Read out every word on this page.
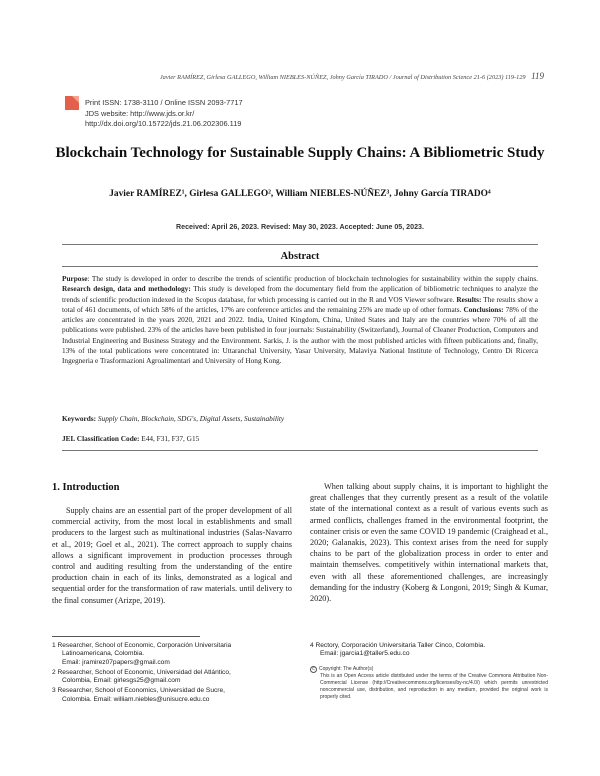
Javier RAMÍREZ, Girlesa GALLEGO, William NIEBLES-NÚÑEZ, Johny García TIRADO / Journal of Distribution Science 21-6 (2023) 119-129 119
Print ISSN: 1738-3110 / Online ISSN 2093-7717
JDS website: http://www.jds.or.kr/
http://dx.doi.org/10.15722/jds.21.06.202306.119
Blockchain Technology for Sustainable Supply Chains: A Bibliometric Study
Javier RAMÍREZ¹, Girlesa GALLEGO², William NIEBLES-NÚÑEZ³, Johny García TIRADO⁴
Received: April 26, 2023. Revised: May 30, 2023. Accepted: June 05, 2023.
Abstract
Purpose: The study is developed in order to describe the trends of scientific production of blockchain technologies for sustainability within the supply chains. Research design, data and methodology: This study is developed from the documentary field from the application of bibliometric techniques to analyze the trends of scientific production indexed in the Scopus database, for which processing is carried out in the R and VOS Viewer software. Results: The results show a total of 461 documents, of which 58% of the articles, 17% are conference articles and the remaining 25% are made up of other formats. Conclusions: 78% of the articles are concentrated in the years 2020, 2021 and 2022. India, United Kingdom, China, United States and Italy are the countries where 70% of all the publications were published. 23% of the articles have been published in four journals: Sustainability (Switzerland), Journal of Cleaner Production, Computers and Industrial Engineering and Business Strategy and the Environment. Sarkis, J. is the author with the most published articles with fifteen publications and, finally, 13% of the total publications were concentrated in: Uttaranchal University, Yasar University, Malaviya National Institute of Technology, Centro Di Ricerca Ingegneria e Trasformazioni Agroalimentari and University of Hong Kong.
Keywords: Supply Chain, Blockchain, SDG's, Digital Assets, Sustainability
JEL Classification Code: E44, F31, F37, G15
1. Introduction

Supply chains are an essential part of the proper development of all commercial activity, from the most local in establishments and small producers to the largest such as multinational industries (Salas-Navarro et al., 2019; Goel et al., 2021). The correct approach to supply chains allows a significant improvement in production processes through control and auditing resulting from the understanding of the entire production chain in each of its links, demonstrated as a logical and sequential order for the transformation of raw materials. until delivery to the final consumer (Arizpe, 2019).

When talking about supply chains, it is important to highlight the great challenges that they currently present as a result of the volatile state of the international context as a result of various events such as armed conflicts, challenges framed in the environmental footprint, the container crisis or even the same COVID 19 pandemic (Craighead et al., 2020; Galanakis, 2023). This context arises from the need for supply chains to be part of the globalization process in order to enter and maintain themselves. competitively within international markets that, even with all these aforementioned challenges, are increasingly demanding for the industry (Koberg & Longoni, 2019; Singh & Kumar, 2020).

1 Researcher, School of Economic, Corporación Universitaria
Latinoamericana, Colombia.
Email: jramirez07papers@gmail.com
2 Researcher, School of Economic, Universidad del Atlántico,
Colombia, Email: girlesgs25@gmail.com
3 Researcher, School of Economics, Universidad de Sucre,
Colombia. Email: william.niebles@unisucre.edu.co
4 Rectory, Corporación Universitaria Taller Cinco, Colombia.
Email: jgarcia1@taller5.edu.co
c Copyright: The Author(s)
This is an Open Access article distributed under the terms of the Creative Commons Attribution Non-Commercial License (http://Creativecommons.org/licenses/by-nc/4.0/) which permits unrestricted noncommercial use, distribution, and reproduction in any medium, provided the original work is properly cited.
